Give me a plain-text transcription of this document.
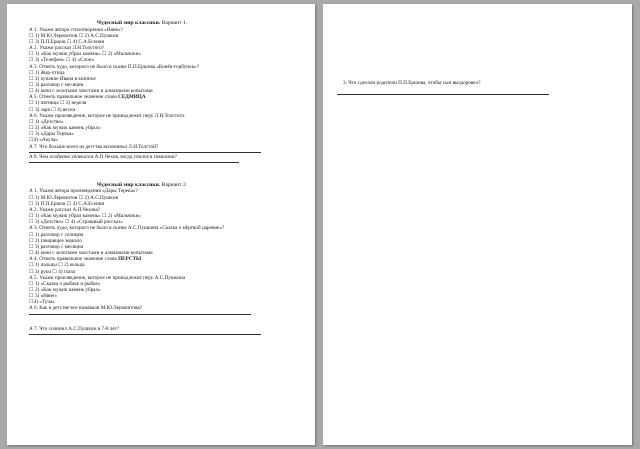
Чудесный мир классики. Вариант 1.
А 1. Укажи автора стихотворения «Няне»?
☐ 1) М.Ю.Лермонтов ☐ 2) А.С.Пушкин
☐ 3) П.П.Ершов ☐ 4) С.А.Есенин
А 2. Укажи рассказ Л.Н.Толстого?
☐ 1) «Как мужик убрал камень» ☐ 2) «Мальчики»
☐ 3) «Телефон» ☐ 4) «Слон»
А 3. Отметь чудо, которого не было в сказке П.П.Ершова «Конёк-горбунок»?
☐ 1) Жар-птица
☐ 2) купание Ивана в кипятке
☐ 3) разговор с месяцем
☐ 4) кони с золотыми хвостами и алмазными копытами
А 5. Отметь правильное значение слова СЕДМИЦА
☐ 1) пятница ☐ 2) неделя
☐ 3) заря ☐ 4) весна
А 6. Укажи произведение, которое не принадлежит перу Л.Н.Толстого.
☐ 1) «Детство»
☐ 2) «Как мужик камень убрал»
☐ 3) «Дары Терека»
☐4) «Акула»
А 7. Что больше всего из детства вспоминал Л.Н.Толстой?
А 8. Чем особенно увлекался А.П.Чехов, когда учился в гимназии?
Чудесный мир классики. Вариант 2.
А 1. Укажи автора произведения «Дары Терека»?
☐ 1) М.Ю.Лермонтов ☐ 2) А.С.Пушкин
☐ 3) П.П.Ершов ☐ 4) С.А.Есенин
А 2. Укажи рассказ А.П.Чехова?
☐ 1) «Как мужик убрал камень» ☐ 2) «Мальчики»
☐ 3) «Детство» ☐ 4) «Страшный рассказ»
А 3. Отметь чудо, которого не было в сказке А.С.Пушкина «Сказка о мёртвой царевне»?
☐ 1) разговор с солнцем
☐ 2) говорящее зеркало
☐ 3) разговор с месяцем
☐ 4) кони с золотыми хвостами и алмазными копытами
А 4. Отметь правильное значение слова ПЕРСТЫ
☐ 1) пальцы ☐ 2) кольца
☐ 3) руки ☐ 4) глаза
А 5. Укажи произведение, которое не принадлежит перу А.С.Пушкина
☐ 1) «Сказка о рыбаке и рыбке»
☐ 2) «Как мужик камень убрал»
☐ 3) «Няне»
☐4) «Туча»
А 6. Как в детстве все называли М.Ю.Лермонтова?
А 7. Что сочинил А.С.Пушкин в 7-8 лет?
3. Что сделали родители П.П.Ершова, чтобы сын выздоровел?
